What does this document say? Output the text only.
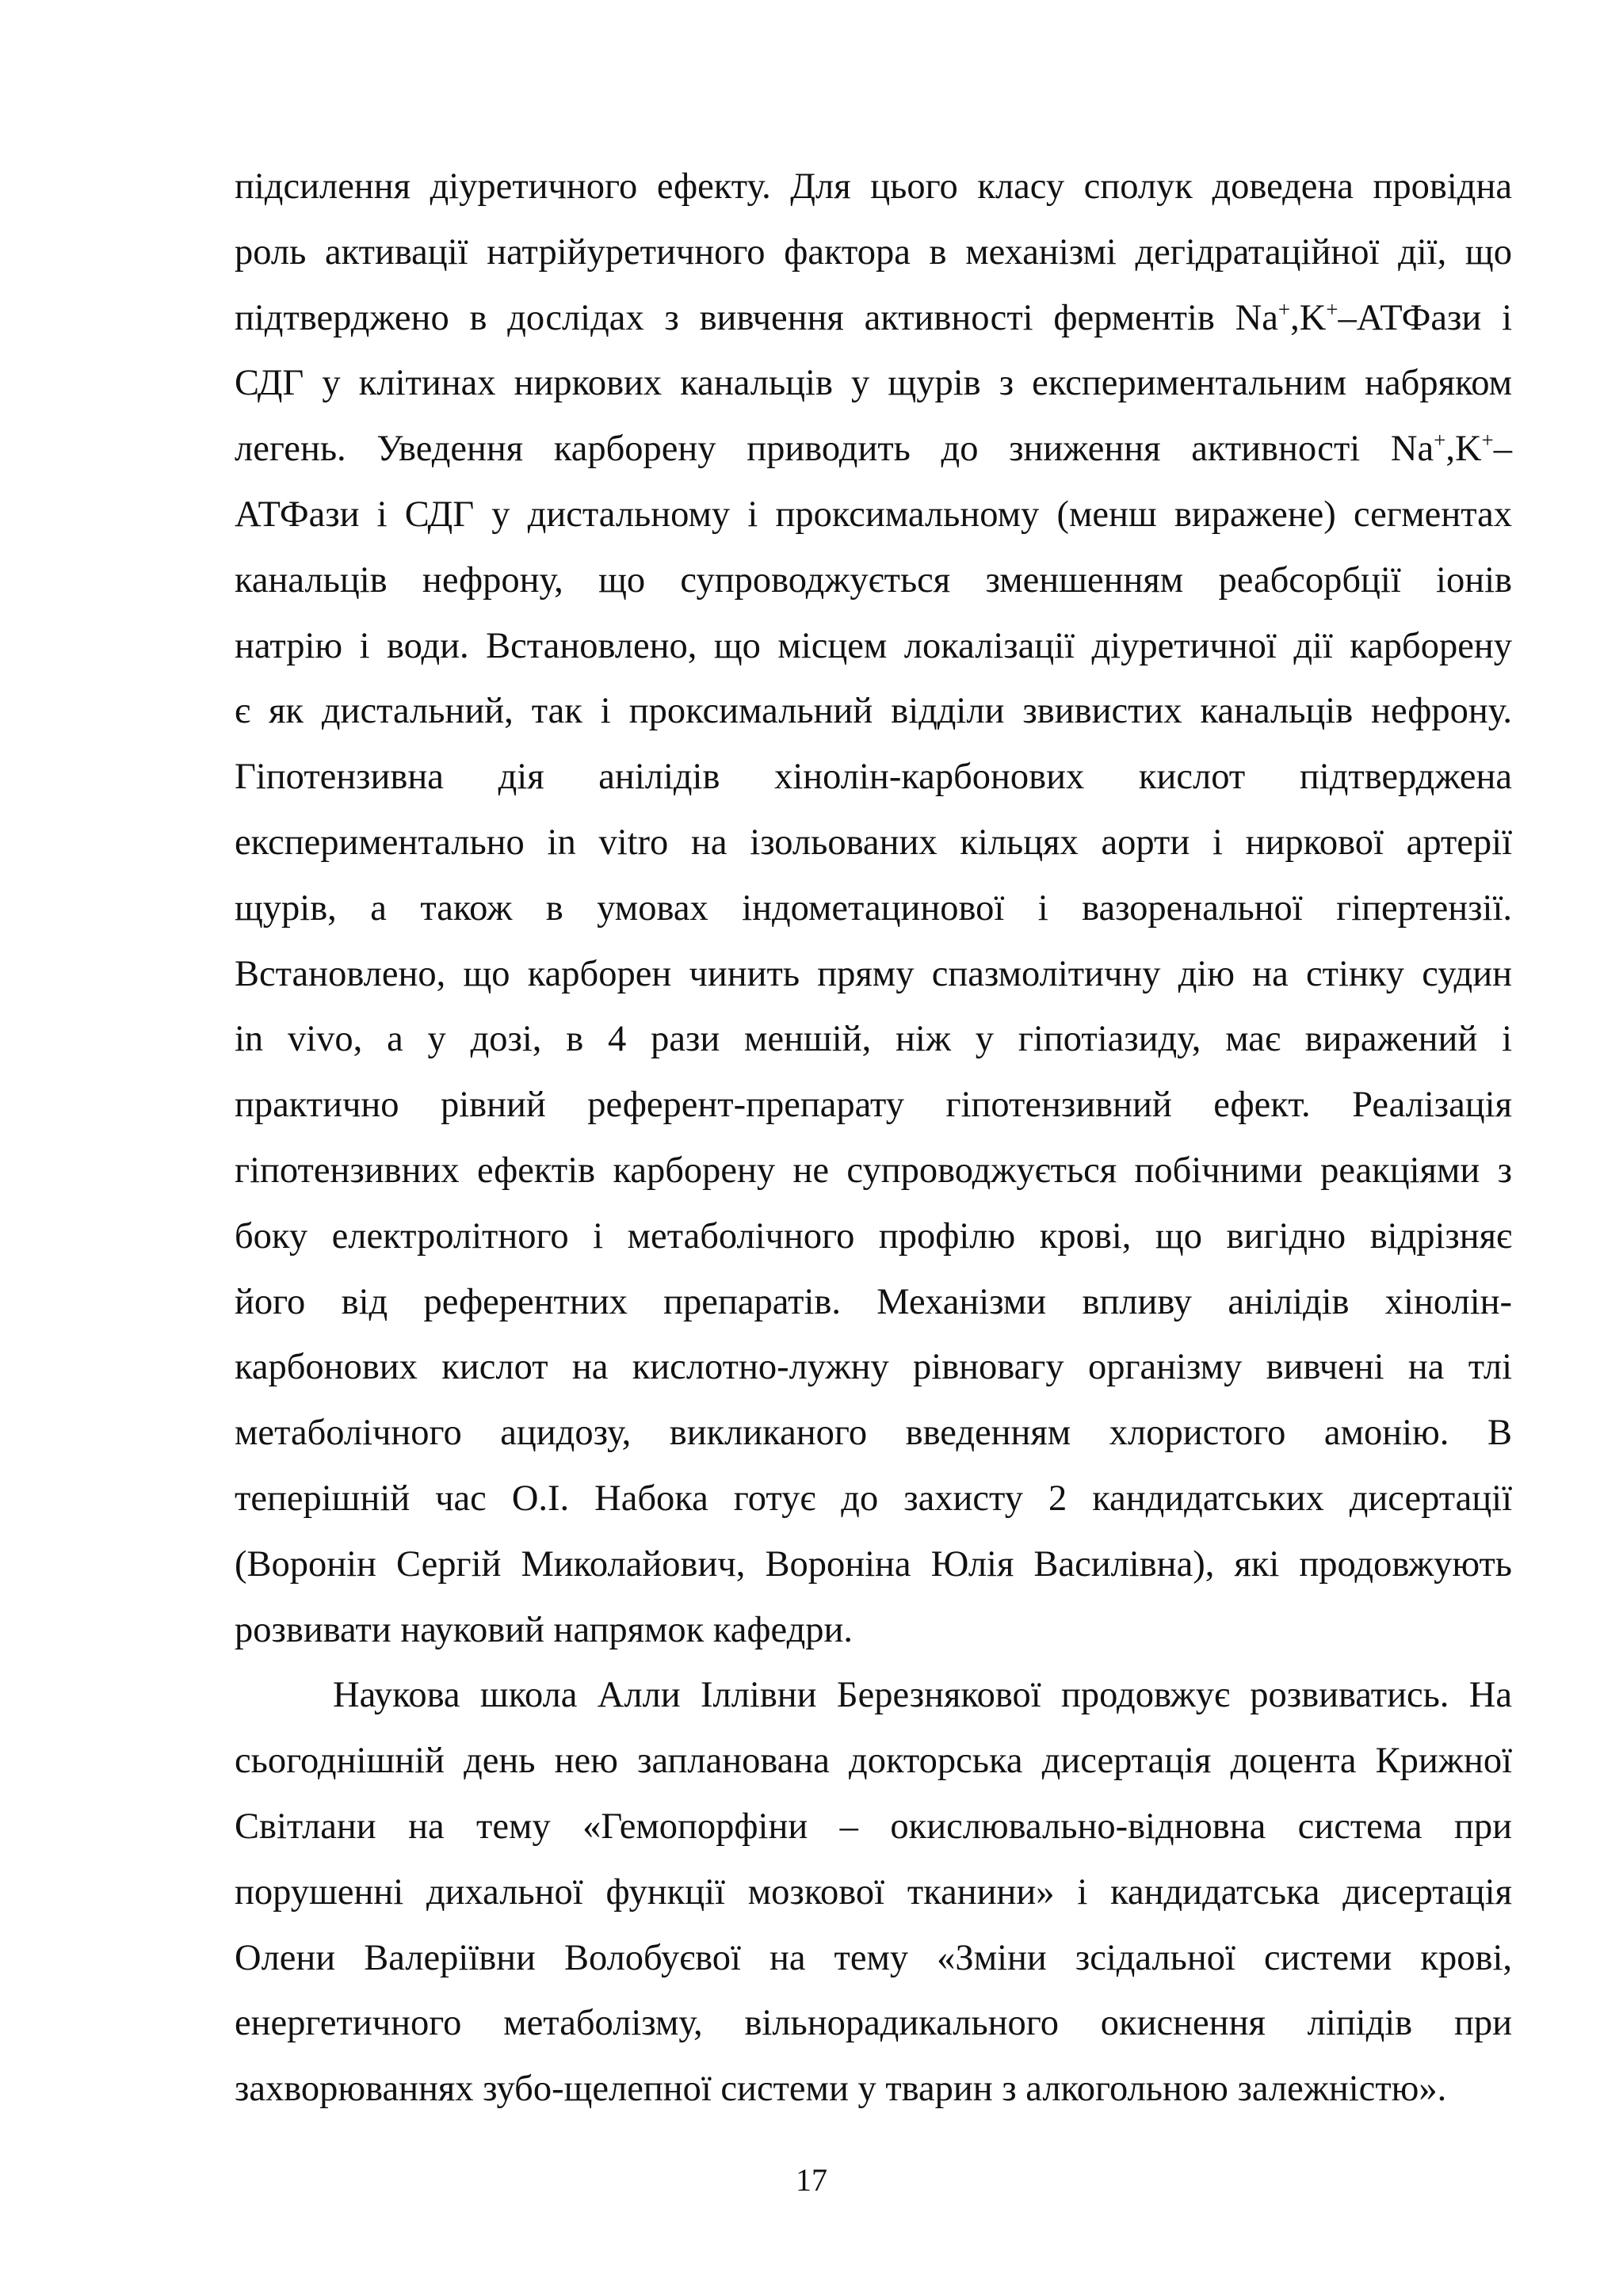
підсилення діуретичного ефекту. Для цього класу сполук доведена провідна
роль активації натрійуретичного фактора в механізмі дегідратаційної дії, що
підтверджено в дослідах з вивчення активності ферментів Na+,K+–АТФази і
СДГ у клітинах ниркових канальців у щурів з експериментальним набряком
легень. Уведення карборену приводить до зниження активності Na+,K+–
АТФази і СДГ у дистальному і проксимальному (менш виражене) сегментах
канальців нефрону, що супроводжується зменшенням реабсорбції іонів
натрію і води. Встановлено, що місцем локалізації діуретичної дії карборену
є як дистальний, так і проксимальний відділи звивистих канальців нефрону.
Гіпотензивна дія анілідів хінолін-карбонових кислот підтверджена
експериментально in vitro на ізольованих кільцях аорти і ниркової артерії
щурів, а також в умовах індометацинової і вазоренальної гіпертензії.
Встановлено, що карборен чинить пряму спазмолітичну дію на стінку судин
in vivo, а у дозі, в 4 рази меншій, ніж у гіпотіазиду, має виражений і
практично рівний референт-препарату гіпотензивний ефект. Реалізація
гіпотензивних ефектів карборену не супроводжується побічними реакціями з
боку електролітного і метаболічного профілю крові, що вигідно відрізняє
його від референтних препаратів. Механізми впливу анілідів хінолін-
карбонових кислот на кислотно-лужну рівновагу організму вивчені на тлі
метаболічного ацидозу, викликаного введенням хлористого амонію. В
теперішній час О.І. Набока готує до захисту 2 кандидатських дисертації
(Воронін Сергій Миколайович, Вороніна Юлія Василівна), які продовжують
розвивати науковий напрямок кафедри.
Наукова школа Алли Іллівни Березнякової продовжує розвиватись. На
сьогоднішній день нею запланована докторська дисертація доцента Крижної
Світлани на тему «Гемопорфіни – окислювально-відновна система при
порушенні дихальної функції мозкової тканини» і кандидатська дисертація
Олени Валеріївни Волобуєвої на тему «Зміни зсідальної системи крові,
енергетичного метаболізму, вільнорадикального окиснення ліпідів при
захворюваннях зубо-щелепної системи у тварин з алкогольною залежністю».
17
